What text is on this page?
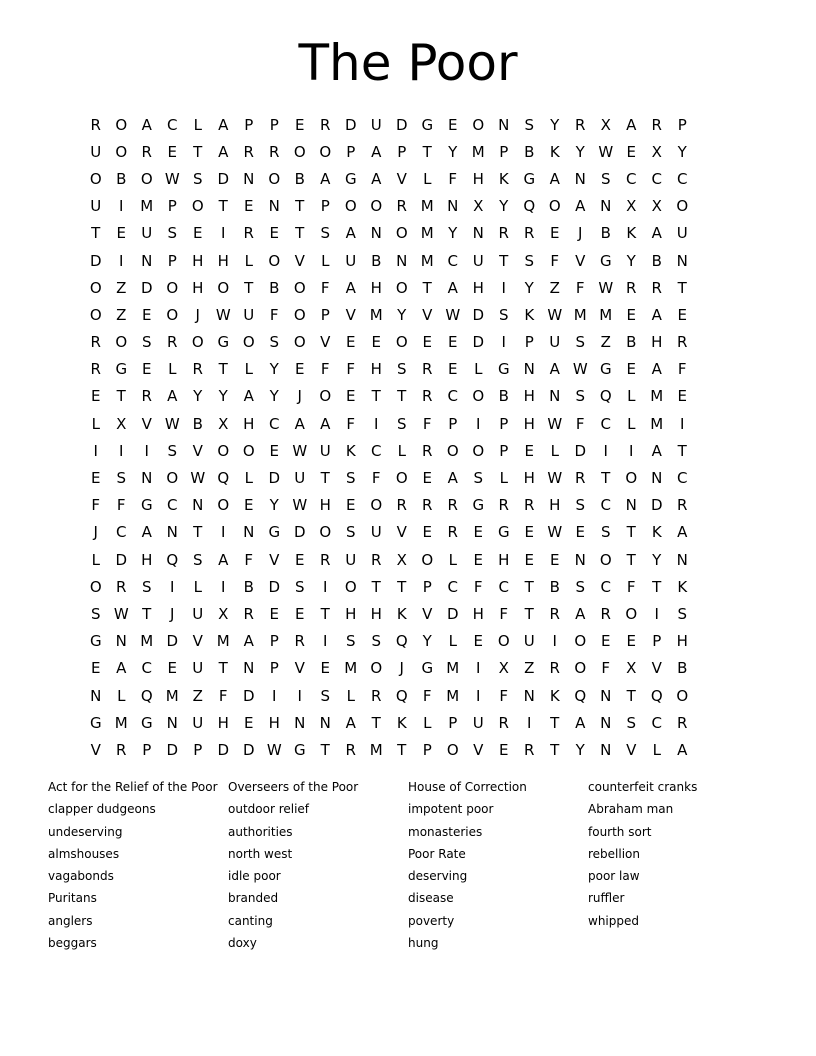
The Poor
R O A	C	L	A	P	P	E	R D U D G E O N	S	Y	R	X	A	R	P
U O R	E	T	A	R	R O O	P	A	P	T	Y M P	B	K	Y W E	X	Y
O B O W S D N O B	A G A	V	L	F	H K G A N	S	C	C	C
U	I	M P	O	T	E	N	T	P	O O R M N X	Y	Q O A N X	X O
T	E	U	S	E	I	R	E	T	S	A N O M Y	N R	R	E	J	B	K	A U
D	I	N	P	H H	L	O V	L	U B N M C U	T	S	F	V G	Y	B N
O Z D O H O	T	B O	F	A H O	T	A H	I	Y	Z	F W R	R	T
O Z	E O	J	W U	F	O	P	V M Y	V W D S	K W M M E	A	E
R O S	R O G O S O V	E	E O E	E D	I	P	U	S	Z	B H R
R G E	L	R	T	L	Y	E	F	F	H	S	R	E	L	G N A W G E	A	F
E	T	R	A	Y	Y	A	Y	J	O E	T	T	R	C O B H N	S Q	L M E
L	X	V W B	X H C	A	A	F	I	S	F	P	I	P	H W F	C	L M	I
I	I	I	S	V O O E W U	K	C	L	R O O	P	E	L	D	I	I	A	T
E	S	N O W Q	L	D U	T	S	F	O E	A	S	L	H W R	T	O N C
F	F	G C N O E	Y W H	E O R	R	R G R	R H	S	C N D R
J	C	A N	T	I	N G D O S	U V	E	R	E G E W E	S	T	K	A
L	D H Q S	A	F	V	E	R U R	X O	L	E	H	E	E	N O	T	Y	N
O R	S	I	L	I	B D S	I	O	T	T	P	C	F	C	T	B	S	C	F	T	K
S W T	J	U X	R	E	E	T	H H K	V D H	F	T	R	A	R O	I	S
G N M D V M A	P	R	I	S	S Q	Y	L	E O U	I	O E	E	P	H
E	A	C	E	U	T	N	P	V	E M O	J	G M	I	X	Z	R O	F	X	V	B
N	L	Q M Z	F	D	I	I	S	L	R Q	F M	I	F	N K Q N	T	Q O
G M G N U H	E	H N N A	T	K	L	P	U R	I	T	A N	S	C	R
V	R	P	D	P	D D W G	T	R M T	P	O V	E	R	T	Y	N V	L	A
Act for the Relief of the Poor
clapper dudgeons
undeserving
almshouses
vagabonds
Puritans
anglers
beggars
Overseers of the Poor
outdoor relief
authorities
north west
idle poor
branded
canting
doxy
House of Correction
impotent poor
monasteries
Poor Rate
deserving
disease
poverty
hung
counterfeit cranks
Abraham man
fourth sort
rebellion
poor law
ruffler
whipped
